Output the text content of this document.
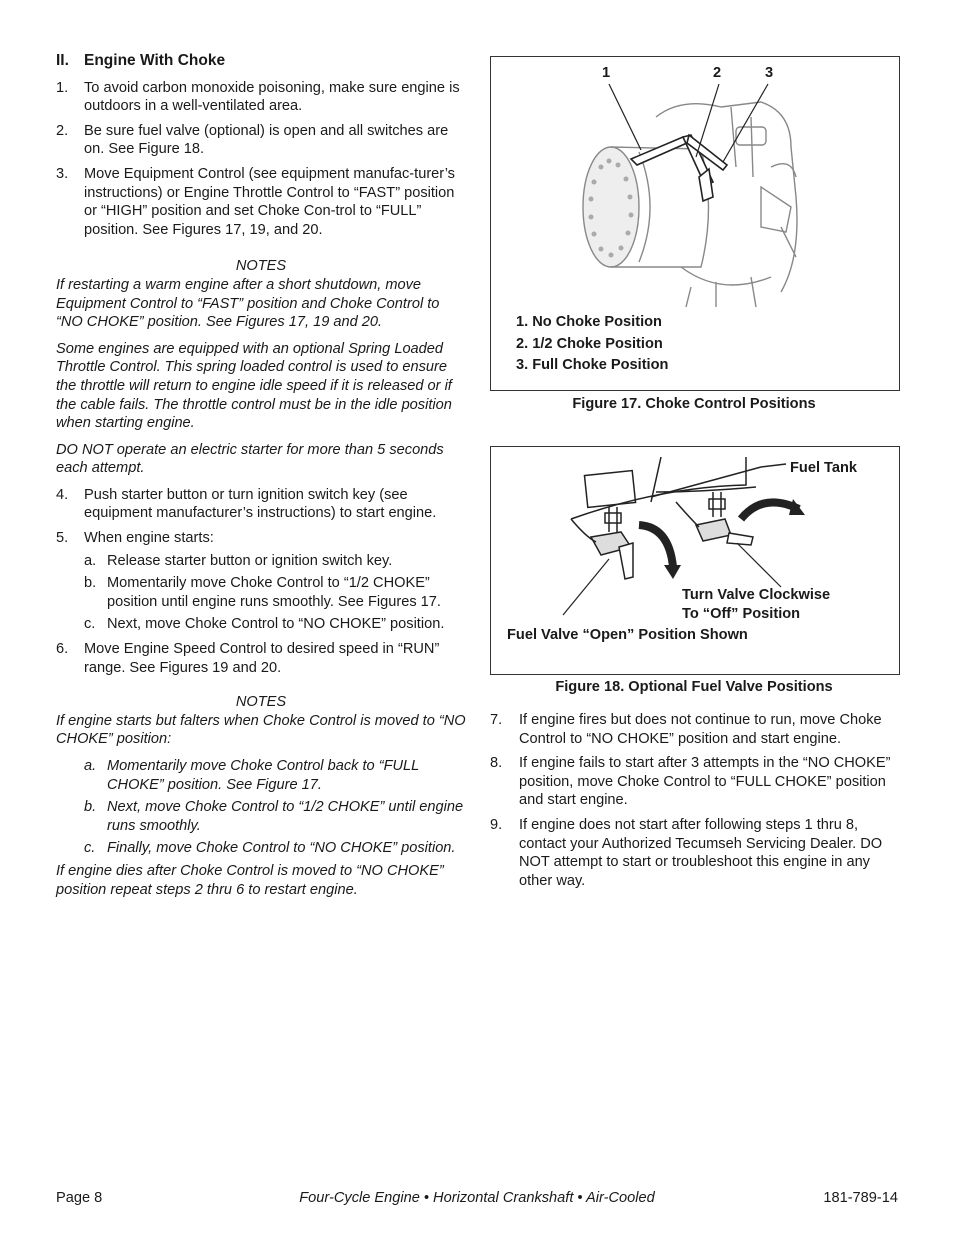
II. Engine With Choke
1. To avoid carbon monoxide poisoning, make sure engine is outdoors in a well-ventilated area.
2. Be sure fuel valve (optional) is open and all switches are on. See Figure 18.
3. Move Equipment Control (see equipment manufac-turer’s instructions) or Engine Throttle Control to “FAST” position or “HIGH” position and set Choke Con-trol to “FULL” position. See Figures 17, 19, and 20.
NOTES
If restarting a warm engine after a short shutdown, move Equipment Control to “FAST” position and Choke Control to “NO CHOKE” position. See Figures 17, 19 and 20.
Some engines are equipped with an optional Spring Loaded Throttle Control. This spring loaded control is used to ensure the throttle will return to engine idle speed if it is released or if the cable fails. The throttle control must be in the idle position when starting engine.
DO NOT operate an electric starter for more than 5 seconds each attempt.
4. Push starter button or turn ignition switch key (see equipment manufacturer’s instructions) to start engine.
5. When engine starts:
a. Release starter button or ignition switch key.
b. Momentarily move Choke Control to “1/2 CHOKE” position until engine runs smoothly. See Figures 17.
c. Next, move Choke Control to “NO CHOKE” position.
6. Move Engine Speed Control to desired speed in “RUN” range. See Figures 19 and 20.
NOTES
If engine starts but falters when Choke Control is moved to “NO CHOKE” position:
a. Momentarily move Choke Control back to “FULL CHOKE” position. See Figure 17.
b. Next, move Choke Control to “1/2 CHOKE” until engine runs smoothly.
c. Finally, move Choke Control to “NO CHOKE” position.
If engine dies after Choke Control is moved to “NO CHOKE” position repeat steps 2 thru 6 to restart engine.
1	2	3
1. No Choke Position
2. 1/2 Choke Position
3. Full Choke Position
Figure 17. Choke Control Positions
Fuel Tank
Turn Valve Clockwise
To “Off” Position
Fuel Valve “Open” Position Shown
Figure 18. Optional Fuel Valve Positions
7. If engine fires but does not continue to run, move Choke Control to “NO CHOKE” position and start engine.
8. If engine fails to start after 3 attempts in the “NO CHOKE” position, move Choke Control to “FULL CHOKE” position and start engine.
9. If engine does not start after following steps 1 thru 8, contact your Authorized Tecumseh Servicing Dealer. DO NOT attempt to start or troubleshoot this engine in any other way.
Page 8	Four-Cycle Engine • Horizontal Crankshaft • Air-Cooled	181-789-14
